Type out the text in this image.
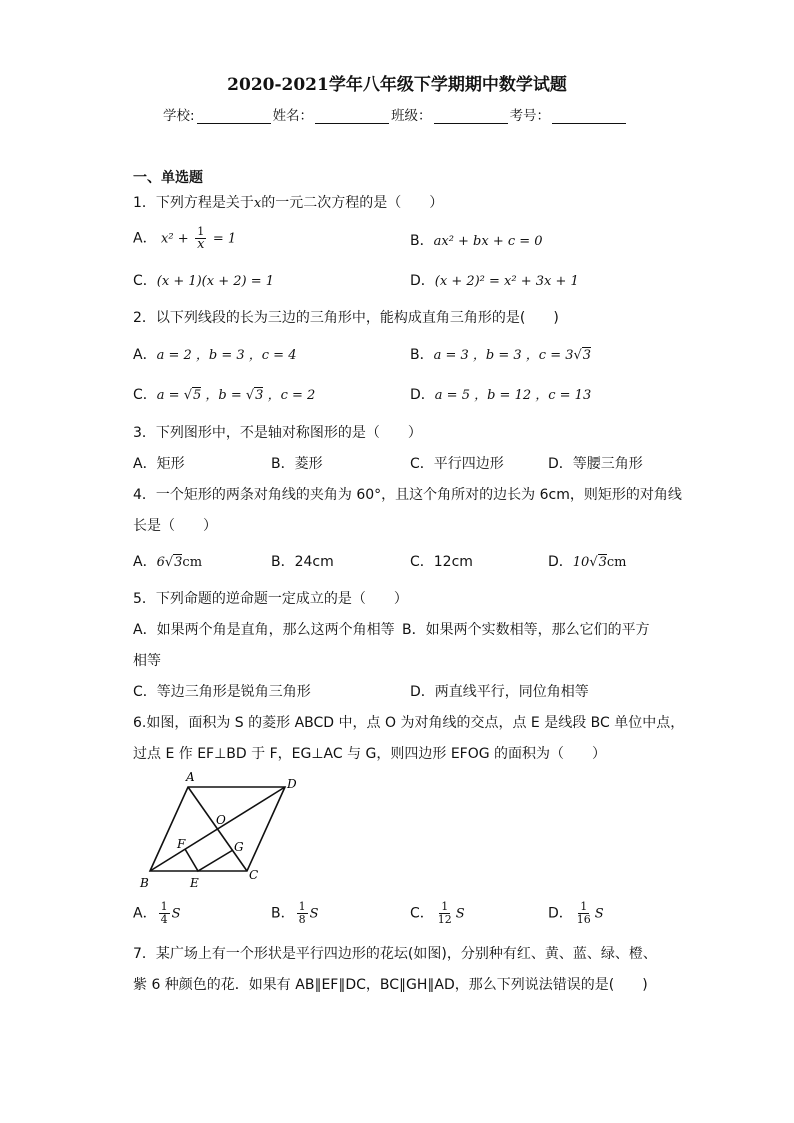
2020-2021学年八年级下学期期中数学试题
学校:	姓名：	班级：	考号：
一、单选题
1．下列方程是关于x的一元二次方程的是（　　）
A． $x^2 + \frac{1}{x} = 1$	B．ax² + bx + c = 0
C．(x + 1)(x + 2) = 1	D．(x + 2)² = x² + 3x + 1
2．以下列线段的长为三边的三角形中，能构成直角三角形的是(　　)
A．a = 2 ，b = 3 ，c = 4	B．a = 3 ，b = 3 ，c = 3√3
C．a = √5 ，b = √3 ，c = 2	D．a = 5 ，b = 12 ，c = 13
3．下列图形中，不是轴对称图形的是（　　）
A．矩形	B．菱形	C．平行四边形	D．等腰三角形
4．一个矩形的两条对角线的夹角为 60°，且这个角所对的边长为 6cm，则矩形的对角线
长是（　　）
A．6√3cm	B．24cm	C．12cm	D．10√3cm
5．下列命题的逆命题一定成立的是（　　）
A．如果两个角是直角，那么这两个角相等 B．如果两个实数相等，那么它们的平方
相等
C．等边三角形是锐角三角形	D．两直线平行，同位角相等
6.如图，面积为 S 的菱形 ABCD 中，点 O 为对角线的交点，点 E 是线段 BC 单位中点，
过点 E 作 EF⊥BD 于 F，EG⊥AC 与 G，则四边形 EFOG 的面积为（　　）
A	D
B
C
O
F	G
E
A． $\frac{1}{4}$ S	B． $\frac{1}{8}$ S	C． $\frac{1}{12}$ S	D． $\frac{1}{16}$ S
7．某广场上有一个形状是平行四边形的花坛(如图)，分别种有红、黄、蓝、绿、橙、
紫 6 种颜色的花．如果有 AB∥EF∥DC，BC∥GH∥AD，那么下列说法错误的是(　　)
